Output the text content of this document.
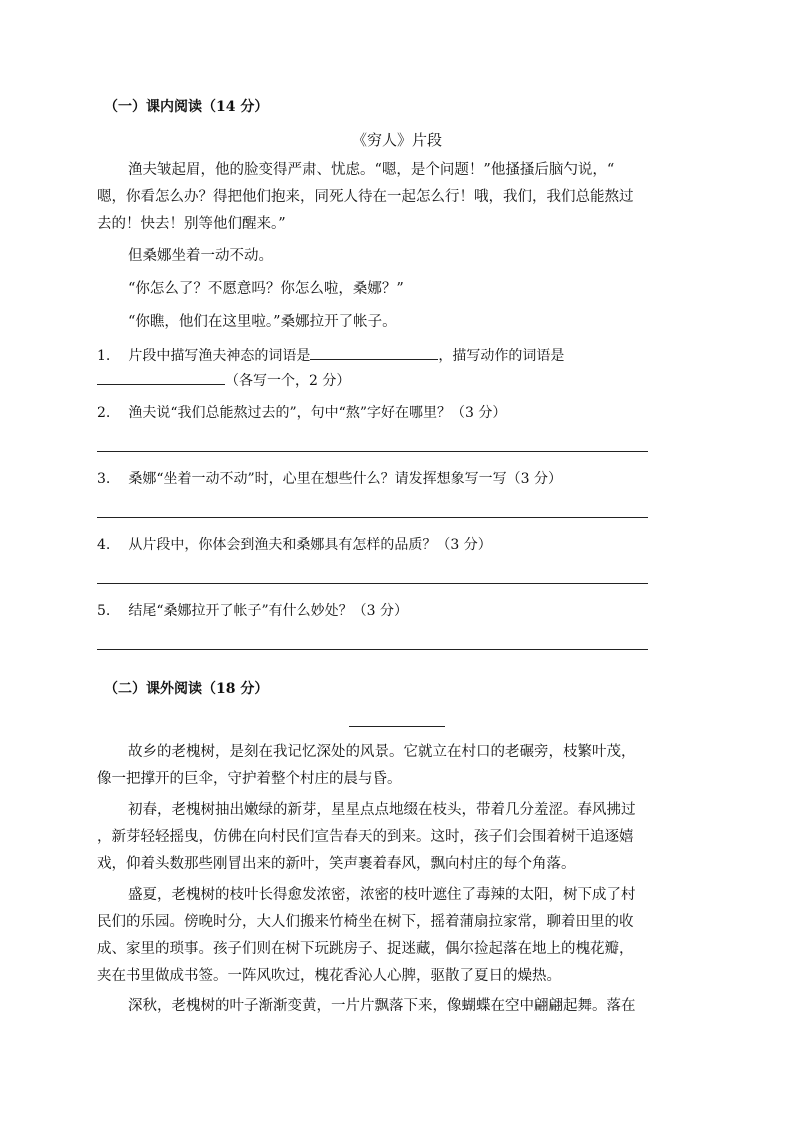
（一）课内阅读（14 分）
《穷人》片段
渔夫皱起眉，他的脸变得严肃、忧虑。“嗯，是个问题！”他搔搔后脑勺说，“
嗯，你看怎么办？得把他们抱来，同死人待在一起怎么行！哦，我们，我们总能熬过
去的！快去！别等他们醒来。”
但桑娜坐着一动不动。
“你怎么了？不愿意吗？你怎么啦，桑娜？”
“你瞧，他们在这里啦。”桑娜拉开了帐子。
1. 片段中描写渔夫神态的词语是	，描写动作的词语是
（各写一个，2 分）
2. 渔夫说“我们总能熬过去的”，句中“熬”字好在哪里？（3 分）
3. 桑娜“坐着一动不动”时，心里在想些什么？请发挥想象写一写（3 分）
4. 从片段中，你体会到渔夫和桑娜具有怎样的品质？（3 分）
5. 结尾“桑娜拉开了帐子”有什么妙处？（3 分）
（二）课外阅读（18 分）
故乡的老槐树，是刻在我记忆深处的风景。它就立在村口的老碾旁，枝繁叶茂，
像一把撑开的巨伞，守护着整个村庄的晨与昏。
初春，老槐树抽出嫩绿的新芽，星星点点地缀在枝头，带着几分羞涩。春风拂过
，新芽轻轻摇曳，仿佛在向村民们宣告春天的到来。这时，孩子们会围着树干追逐嬉
戏，仰着头数那些刚冒出来的新叶，笑声裹着春风，飘向村庄的每个角落。
盛夏，老槐树的枝叶长得愈发浓密，浓密的枝叶遮住了毒辣的太阳，树下成了村
民们的乐园。傍晚时分，大人们搬来竹椅坐在树下，摇着蒲扇拉家常，聊着田里的收
成、家里的琐事。孩子们则在树下玩跳房子、捉迷藏，偶尔捡起落在地上的槐花瓣，
夹在书里做成书签。一阵风吹过，槐花香沁人心脾，驱散了夏日的燥热。
深秋，老槐树的叶子渐渐变黄，一片片飘落下来，像蝴蝶在空中翩翩起舞。落在
